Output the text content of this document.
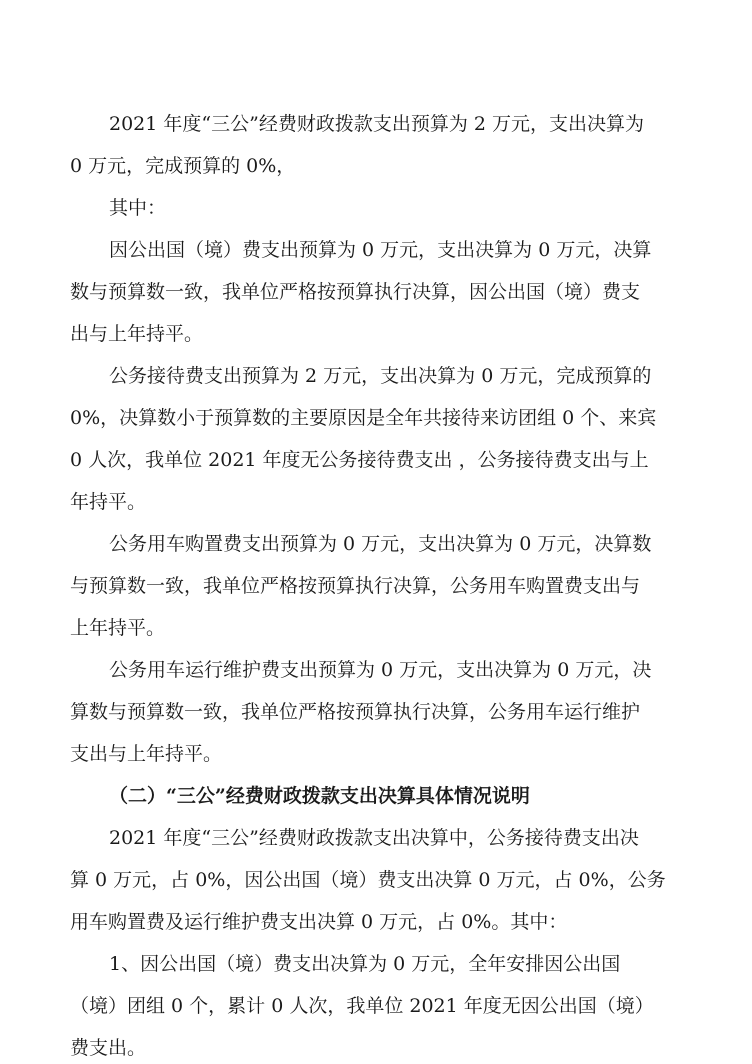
2021 年度“三公”经费财政拨款支出预算为 2 万元，支出决算为
0 万元，完成预算的 0%，
其中：
因公出国（境）费支出预算为 0 万元，支出决算为 0 万元，决算
数与预算数一致，我单位严格按预算执行决算，因公出国（境）费支
出与上年持平。
公务接待费支出预算为 2 万元，支出决算为 0 万元，完成预算的
0%，决算数小于预算数的主要原因是全年共接待来访团组 0 个、来宾
0 人次，我单位 2021 年度无公务接待费支出 ，公务接待费支出与上
年持平。
公务用车购置费支出预算为 0 万元，支出决算为 0 万元，决算数
与预算数一致，我单位严格按预算执行决算，公务用车购置费支出与
上年持平。
公务用车运行维护费支出预算为 0 万元，支出决算为 0 万元，决
算数与预算数一致，我单位严格按预算执行决算，公务用车运行维护
支出与上年持平。
（二）“三公”经费财政拨款支出决算具体情况说明
2021 年度“三公”经费财政拨款支出决算中，公务接待费支出决
算 0 万元，占 0%，因公出国（境）费支出决算 0 万元，占 0%，公务
用车购置费及运行维护费支出决算 0 万元，占 0%。其中：
1、因公出国（境）费支出决算为 0 万元，全年安排因公出国
（境）团组 0 个，累计 0 人次，我单位 2021 年度无因公出国（境）
费支出。
